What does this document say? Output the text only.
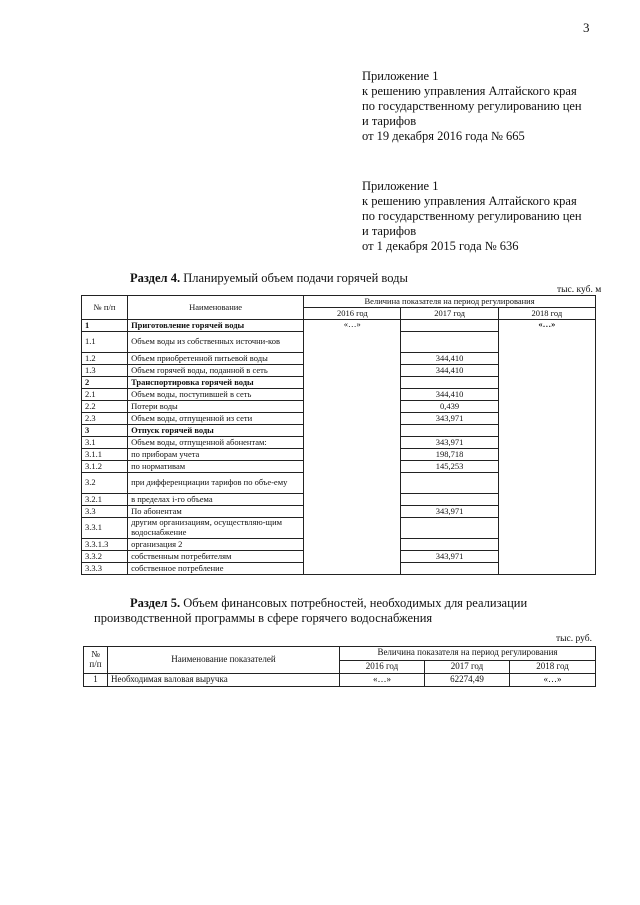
3
Приложение 1
к решению управления Алтайского края
по государственному регулированию цен
и тарифов
от 19 декабря 2016 года № 665
Приложение 1
к решению управления Алтайского края
по государственному регулированию цен
и тарифов
от 1 декабря 2015 года № 636
Раздел 4. Планируемый объем подачи горячей воды
тыс. куб. м
№ п/п	Наименование	Величина показателя на период регулирования		
		2016 год	2017 год	2018 год
1	Приготовление горячей воды	«…»		«…»
1.1	Объем воды из собственных источни-ков			
1.2	Объем приобретенной питьевой воды		344,410	
1.3	Объем горячей воды, поданной в сеть		344,410	
2	Транспортировка горячей воды			
2.1	Объем воды, поступившей в сеть		344,410	
2.2	Потери воды		0,439	
2.3	Объем воды, отпущенной из сети		343,971	
3	Отпуск горячей воды			
3.1	Объем воды, отпущенной абонентам:		343,971	
3.1.1	по приборам учета		198,718	
3.1.2	по нормативам		145,253	
3.2	при дифференциации тарифов по объе-ему			
3.2.1	в пределах i-го объема			
3.3	По абонентам		343,971	
3.3.1	другим организациям, осуществляю-щим водоснабжение			
3.3.1.3	организация 2			
3.3.2	собственным потребителям		343,971	
3.3.3	собственное потребление			
Раздел 5. Объем финансовых потребностей, необходимых для реализации производственной программы в сфере горячего водоснабжения
тыс. руб.
№ п/п	Наименование показателей	Величина показателя на период регулирования		
		2016 год	2017 год	2018 год
1	Необходимая валовая выручка	«…»	62274,49	«…»
